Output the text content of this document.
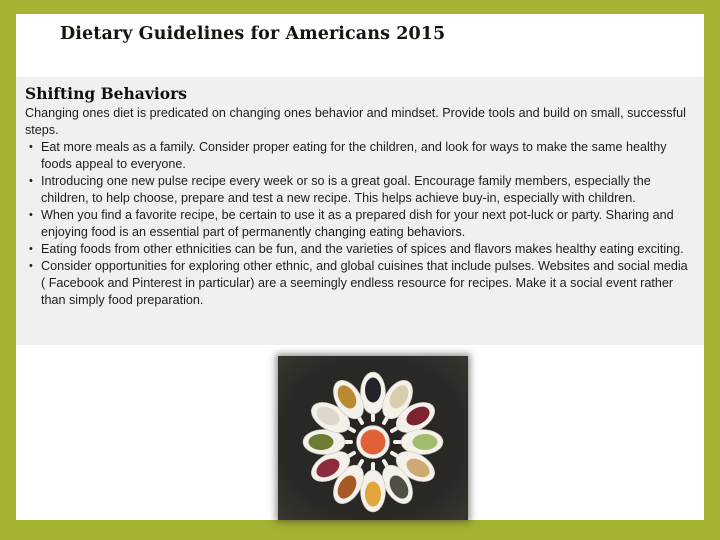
Dietary Guidelines for Americans 2015
Shifting Behaviors

Changing ones diet is predicated on changing ones behavior and mindset. Provide tools and build on small, successful steps.

• Eat more meals as a family. Consider proper eating for the children, and look for ways to make the same healthy foods appeal to everyone.
• Introducing one new pulse recipe every week or so is a great goal. Encourage family members, especially the children, to help choose, prepare and test a new recipe. This helps achieve buy-in, especially with children.
• When you find a favorite recipe, be certain to use it as a prepared dish for your next pot-luck or party. Sharing and enjoying food is an essential part of permanently changing eating behaviors.
• Eating foods from other ethnicities can be fun, and the varieties of spices and flavors makes healthy eating exciting.
• Consider opportunities for exploring other ethnic, and global cuisines that include pulses. Websites and social media ( Facebook and Pinterest in particular) are a seemingly endless resource for recipes. Make it a social event rather than simply food preparation.
